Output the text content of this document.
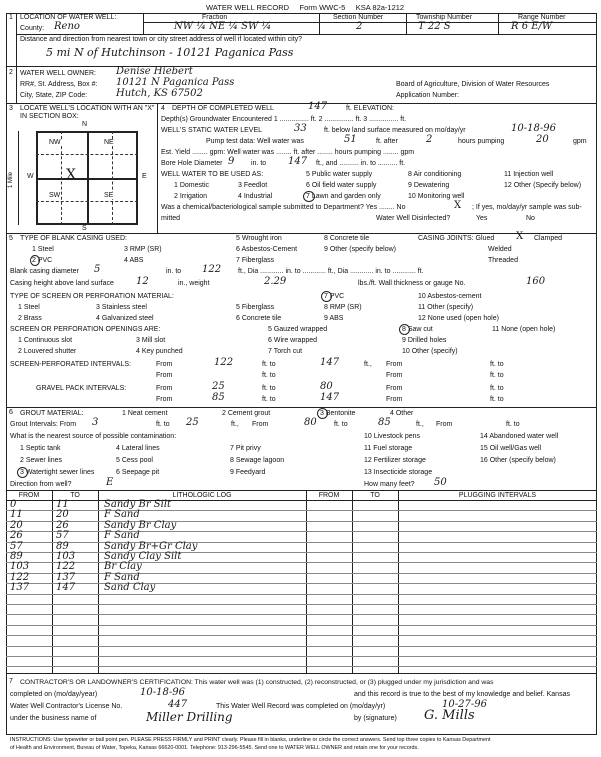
WATER WELL RECORD Form WWC-5 KSA 82a-1212
1	LOCATION OF WATER WELL:	Fraction	Section Number	Township Number	Range Number
County: Reno	NW ¼ NE ¼ SW ¼	2	T 22 S	R 6 E/W
Distance and direction from nearest town or city street address of well if located within city?
5 mi N of Hutchinson - 10121 Paganica Pass
2	WATER WELL OWNER: Denise Hiebert
RR#, St. Address, Box #: 10121 N Paganica Pass
City, State, ZIP Code:	Hutch, KS 67502
Board of Agriculture, Division of Water Resources
Application Number:
3	LOCATE WELL'S LOCATION WITH AN "X" IN SECTION BOX:
N
S
W	E
1 Mile
NW	NE
SW	SE
X
4 DEPTH OF COMPLETED WELL	147	ft. ELEVATION:
Depth(s) Groundwater Encountered 1 ............... ft. 2 ............... ft. 3 ............... ft.
WELL'S STATIC WATER LEVEL	33 ft. below land surface measured on mo/day/yr	10-18-96
Pump test data: Well water was	51	ft. after	2	hours pumping	20	gpm
Est. Yield ........ gpm: Well water was ........ ft. after ........ hours pumping ........ gpm
Bore Hole Diameter 9 in. to 147 ft., and .......... in. to .......... ft.
WELL WATER TO BE USED AS:	5 Public water supply	8 Air conditioning	11 Injection well
1 Domestic	3 Feedlot	6 Oil field water supply	9 Dewatering	12 Other (Specify below)
2 Irrigation	4 Industrial	7 Lawn and garden only	10 Monitoring well
Was a chemical/bacteriological sample submitted to Department? Yes ........ No	X ; If yes, mo/day/yr sample was sub-
mitted	Water Well Disinfected?	Yes	No
5	TYPE OF BLANK CASING USED:	5 Wrought iron	8 Concrete tile
1 Steel	3 RMP (SR)	6 Asbestos-Cement	9 Other (specify below)
2 PVC	4 ABS	7 Fiberglass
CASING JOINTS: Glued X Clamped
Welded
Threaded
Blank casing diameter 5	in. to 122 ft., Dia ............ in. to ............ ft., Dia ............ in. to ............ ft.
Casing height above land surface 12	in., weight	2.29	lbs./ft. Wall thickness or gauge No.	160
TYPE OF SCREEN OR PERFORATION MATERIAL:	7 PVC	10 Asbestos-cement
1 Steel	3 Stainless steel	5 Fiberglass	8 RMP (SR)	11 Other (specify)
2 Brass	4 Galvanized steel	6 Concrete tile	9 ABS	12 None used (open hole)
SCREEN OR PERFORATION OPENINGS ARE:	5 Gauzed wrapped	8 Saw cut	11 None (open hole)
1 Continuous slot	3 Mill slot	6 Wire wrapped	9 Drilled holes
2 Louvered shutter	4 Key punched	7 Torch cut	10 Other (specify)
SCREEN-PERFORATED INTERVALS:	From	122	ft. to	147	ft., From	ft. to
From	ft. to	From	ft. to
GRAVEL PACK INTERVALS:	From	25	ft. to	80	From	ft. to
From	85	ft. to	147	From	ft. to
6	GROUT MATERIAL:	1 Neat cement	2 Cement grout	3 Bentonite	4 Other
Grout Intervals: From 3	ft. to 25	ft., From	80 ft. to	85	ft., From	ft. to
What is the nearest source of possible contamination:	10 Livestock pens	14 Abandoned water well
1 Septic tank	4 Lateral lines	7 Pit privy	11 Fuel storage	15 Oil well/Gas well
2 Sewer lines	5 Cess pool	8 Sewage lagoon	12 Fertilizer storage	16 Other (specify below)
3 Watertight sewer lines	6 Seepage pit	9 Feedyard	13 Insecticide storage
Direction from well?	E	How many feet? 50
FROM	TO	LITHOLOGIC LOG	FROM	TO	PLUGGING INTERVALS
0	11	Sandy Br Silt
11	20	F Sand
20	26	Sandy Br Clay
26	57	F Sand
57	89	Sandy Br+Gr Clay
89	103	Sandy Clay Silt
103	122	Br Clay
122	137	F Sand
137	147	Sand Clay
7	CONTRACTOR'S OR LANDOWNER'S CERTIFICATION: This water well was (1) constructed, (2) reconstructed, or (3) plugged under my jurisdiction and was
completed on (mo/day/year)	10-18-96	and this record is true to the best of my knowledge and belief. Kansas
Water Well Contractor's License No.	447	This Water Well Record was completed on (mo/day/yr)	10-27-96
under the business name of	Miller Drilling	by (signature) G. Mills
INSTRUCTIONS: Use typewriter or ball point pen. PLEASE PRESS FIRMLY and PRINT clearly. Please fill in blanks, underline or circle the correct answers. Send top three copies to Kansas Department
of Health and Environment, Bureau of Water, Topeka, Kansas 66620-0001. Telephone: 913-296-5545. Send one to WATER WELL OWNER and retain one for your records.
